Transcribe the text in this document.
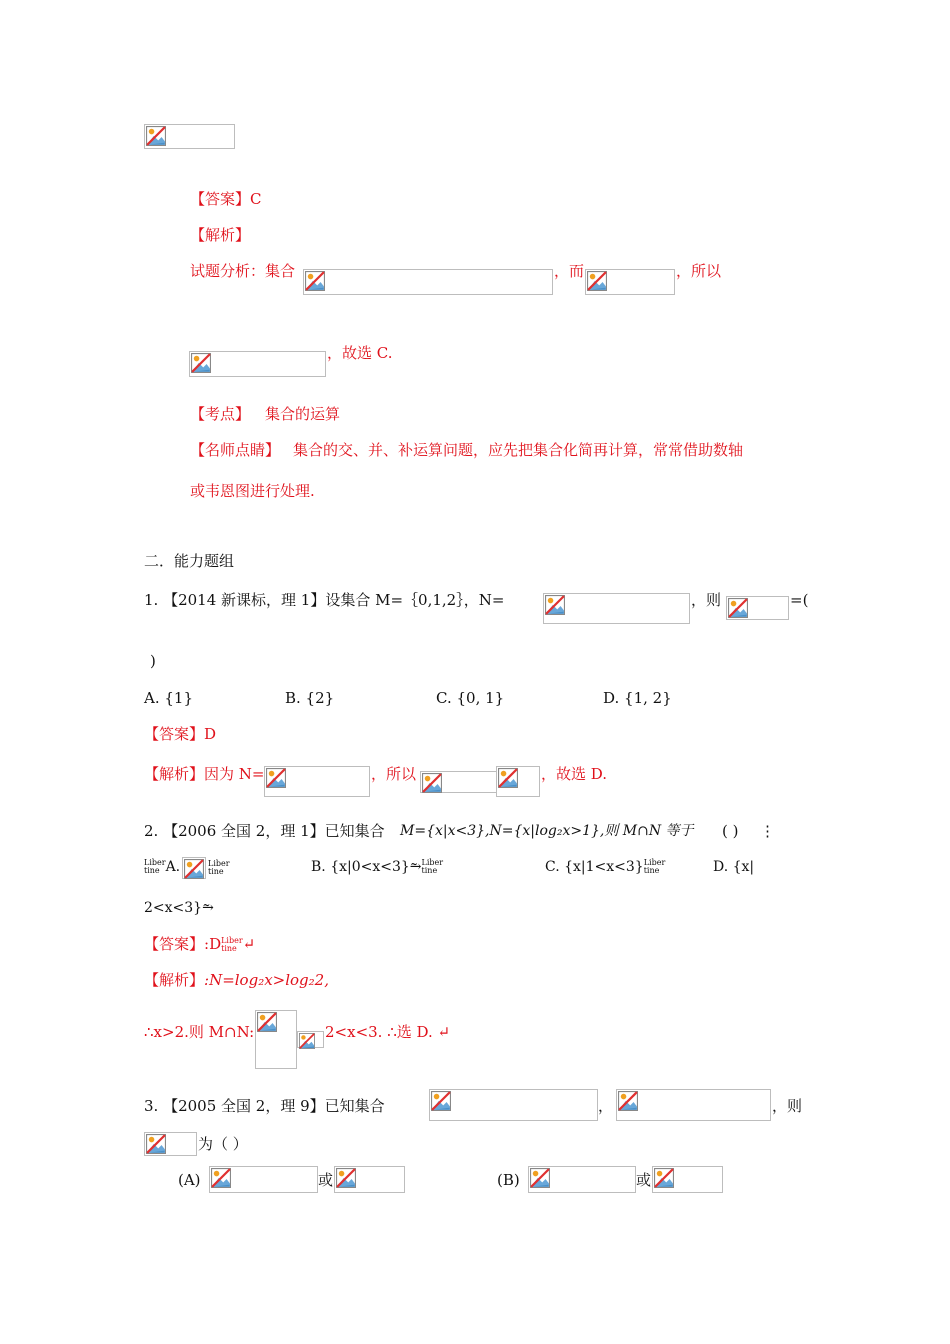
【答案】C
【解析】
试题分析：集合	，而	，所以
，故选 C.
【考点】 集合的运算
【名师点睛】 集合的交、并、补运算问题，应先把集合化简再计算，常常借助数轴
或韦恩图进行处理.
二．能力题组
1. 【2014 新课标，理 1】设集合 M=｛0,1,2｝，N=	，则	=(
)
A. {1}	B. {2}	C. {0, 1}	D. {1, 2}
【答案】D
【解析】因为 N=	，所以	，故选 D.
2. 【2006 全国 2，理 1】已知集合 M={x|x<3},N={x|log₂x>1},则 M∩N 等于 ( ) ⋮
Liber
tine A.	Liber
tine	B. {x|0<x<3}⥲Liber
tine	C. {x|1<x<3}Liber
tine	D. {x|
2<x<3}⥲
【答案】:DLiber
tine ↵
【解析】:N=log₂x>log₂2,
∴x>2.则 M∩N:	2<x<3. ∴选 D. ↵
3. 【2005 全国 2，理 9】已知集合	，	，则
为（ ）
(A)	或	(B)	或
